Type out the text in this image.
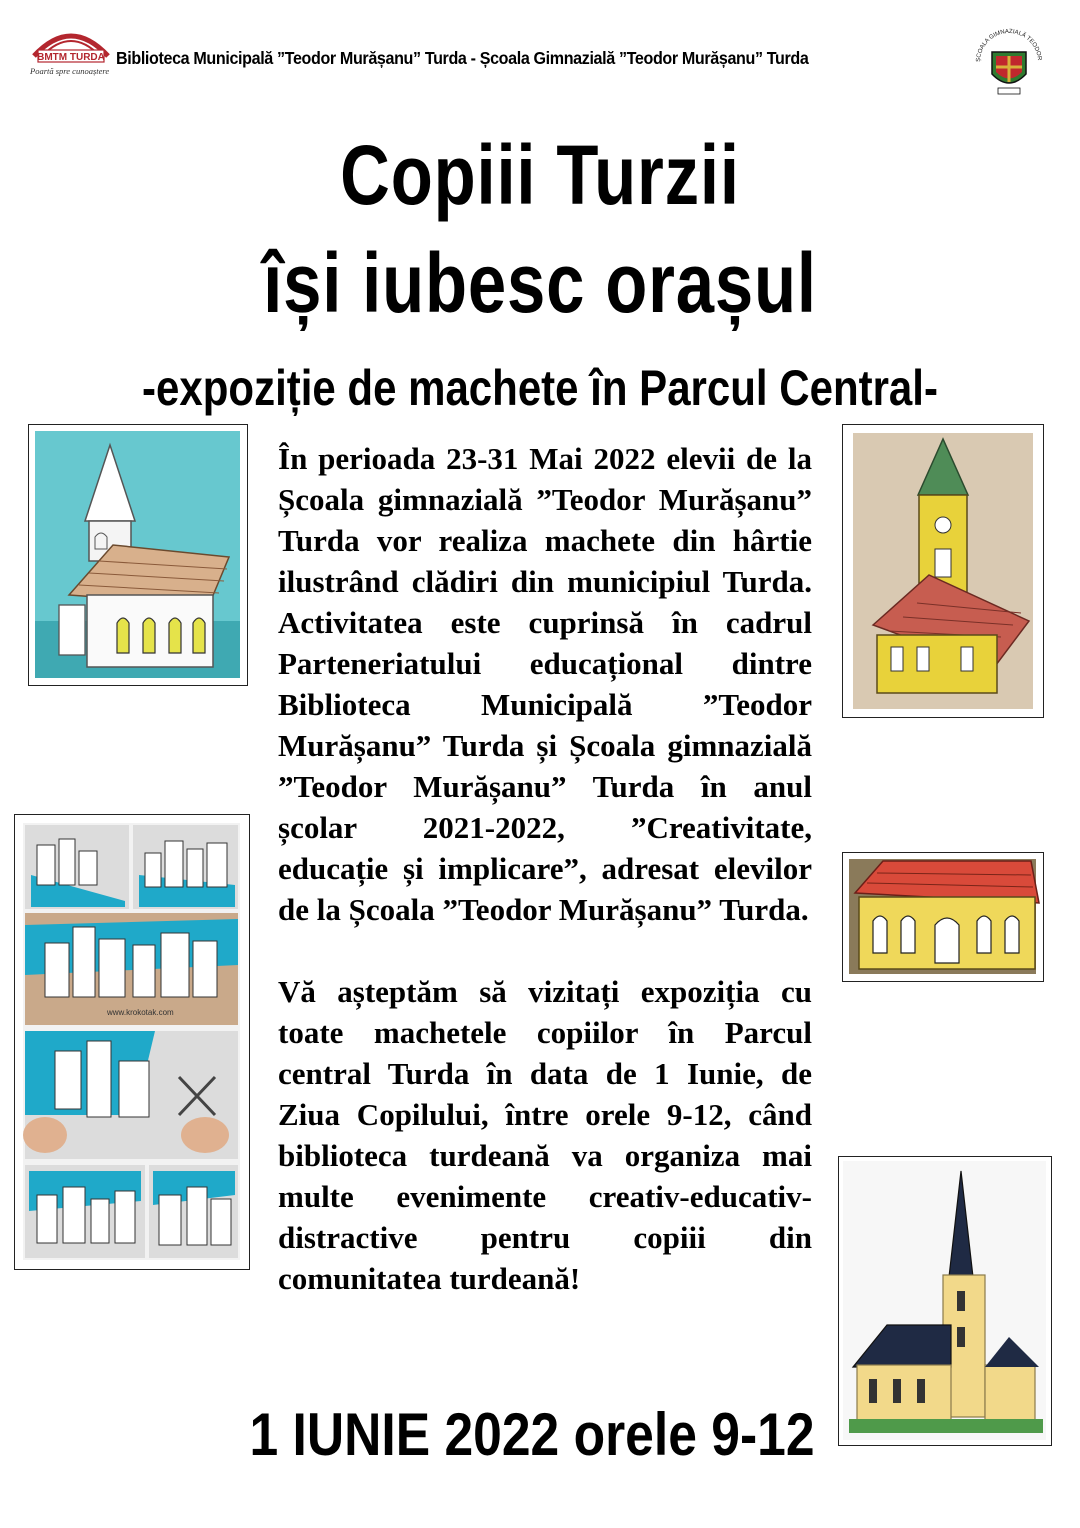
BMTM TURDA
Poartă spre cunoaștere
Biblioteca Municipală ”Teodor Murășanu” Turda - Școala Gimnazială ”Teodor Murășanu” Turda	ȘCOALA GIMNAZIALĂ TEODOR
Copiii Turzii
își iubesc orașul
-expoziție de machete în Parcul Central-
www.krokotak.com

În perioada 23-31 Mai 2022 elevii de la Școala gimnazială ”Teodor Murășanu” Turda vor realiza machete din hârtie ilustrând clădiri din municipiul Turda. Activitatea este cuprinsă în cadrul Parteneriatului educațional dintre Biblioteca Municipală ”Teodor Murășanu” Turda și Școala gimnazială ”Teodor Murășanu” Turda în anul școlar 2021-2022, ”Creativitate, educație și implicare”, adresat elevilor de la Școala ”Teodor Murășanu” Turda.

Vă așteptăm să vizitați expoziția cu toate machetele copiilor în Parcul central Turda în data de 1 Iunie, de Ziua Copilului, între orele 9-12, când biblioteca turdeană va organiza mai multe evenimente creativ-educativ-distractive pentru copiii din comunitatea turdeană!

1 IUNIE 2022 orele 9-12
